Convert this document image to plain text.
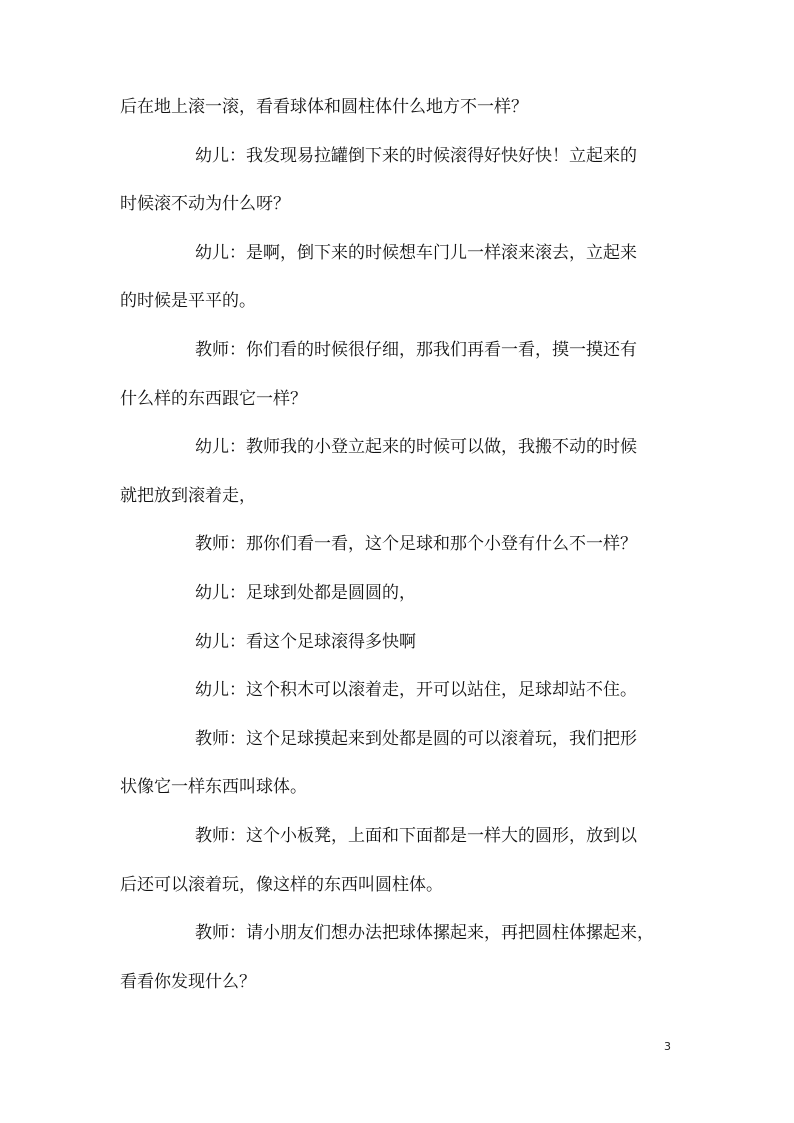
后在地上滚一滚，看看球体和圆柱体什么地方不一样？
幼儿：我发现易拉罐倒下来的时候滚得好快好快！立起来的
时候滚不动为什么呀？
幼儿：是啊，倒下来的时候想车门儿一样滚来滚去，立起来
的时候是平平的。
教师：你们看的时候很仔细，那我们再看一看，摸一摸还有
什么样的东西跟它一样？
幼儿：教师我的小登立起来的时候可以做，我搬不动的时候
就把放到滚着走，
教师：那你们看一看，这个足球和那个小登有什么不一样？
幼儿：足球到处都是圆圆的，
幼儿：看这个足球滚得多快啊
幼儿：这个积木可以滚着走，开可以站住，足球却站不住。
教师：这个足球摸起来到处都是圆的可以滚着玩，我们把形
状像它一样东西叫球体。
教师：这个小板凳，上面和下面都是一样大的圆形，放到以
后还可以滚着玩，像这样的东西叫圆柱体。
教师：请小朋友们想办法把球体摞起来，再把圆柱体摞起来，
看看你发现什么？
3
